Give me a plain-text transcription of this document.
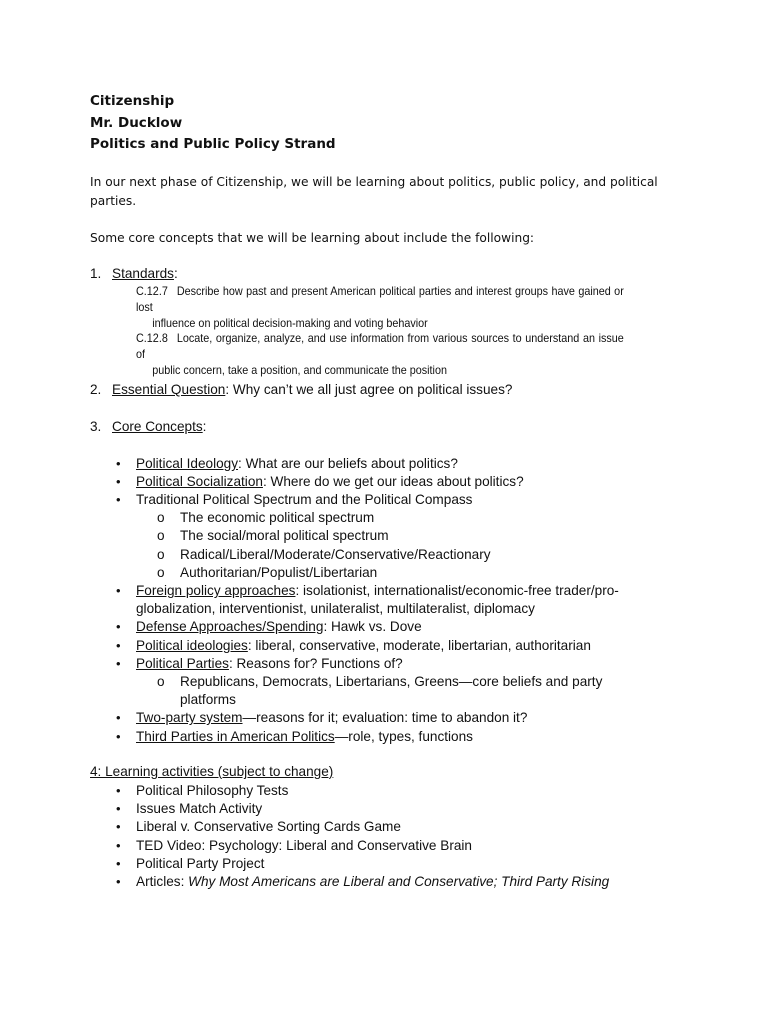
Citizenship
Mr. Ducklow
Politics and Public Policy Strand
In our next phase of Citizenship, we will be learning about politics, public policy, and political parties.
Some core concepts that we will be learning about include the following:
1. Standards:
C.12.7 Describe how past and present American political parties and interest groups have gained or lost
influence on political decision-making and voting behavior
C.12.8 Locate, organize, analyze, and use information from various sources to understand an issue of
public concern, take a position, and communicate the position
2. Essential Question: Why can’t we all just agree on political issues?
3. Core Concepts:
• Political Ideology: What are our beliefs about politics?
• Political Socialization: Where do we get our ideas about politics?
• Traditional Political Spectrum and the Political Compass
o The economic political spectrum
o The social/moral political spectrum
o Radical/Liberal/Moderate/Conservative/Reactionary
o Authoritarian/Populist/Libertarian
• Foreign policy approaches: isolationist, internationalist/economic-free trader/pro-
globalization, interventionist, unilateralist, multilateralist, diplomacy
• Defense Approaches/Spending: Hawk vs. Dove
• Political ideologies: liberal, conservative, moderate, libertarian, authoritarian
• Political Parties: Reasons for? Functions of?
o Republicans, Democrats, Libertarians, Greens—core beliefs and party
platforms
• Two-party system—reasons for it; evaluation: time to abandon it?
• Third Parties in American Politics—role, types, functions
4: Learning activities (subject to change)
• Political Philosophy Tests
• Issues Match Activity
• Liberal v. Conservative Sorting Cards Game
• TED Video: Psychology: Liberal and Conservative Brain
• Political Party Project
• Articles: Why Most Americans are Liberal and Conservative; Third Party Rising
